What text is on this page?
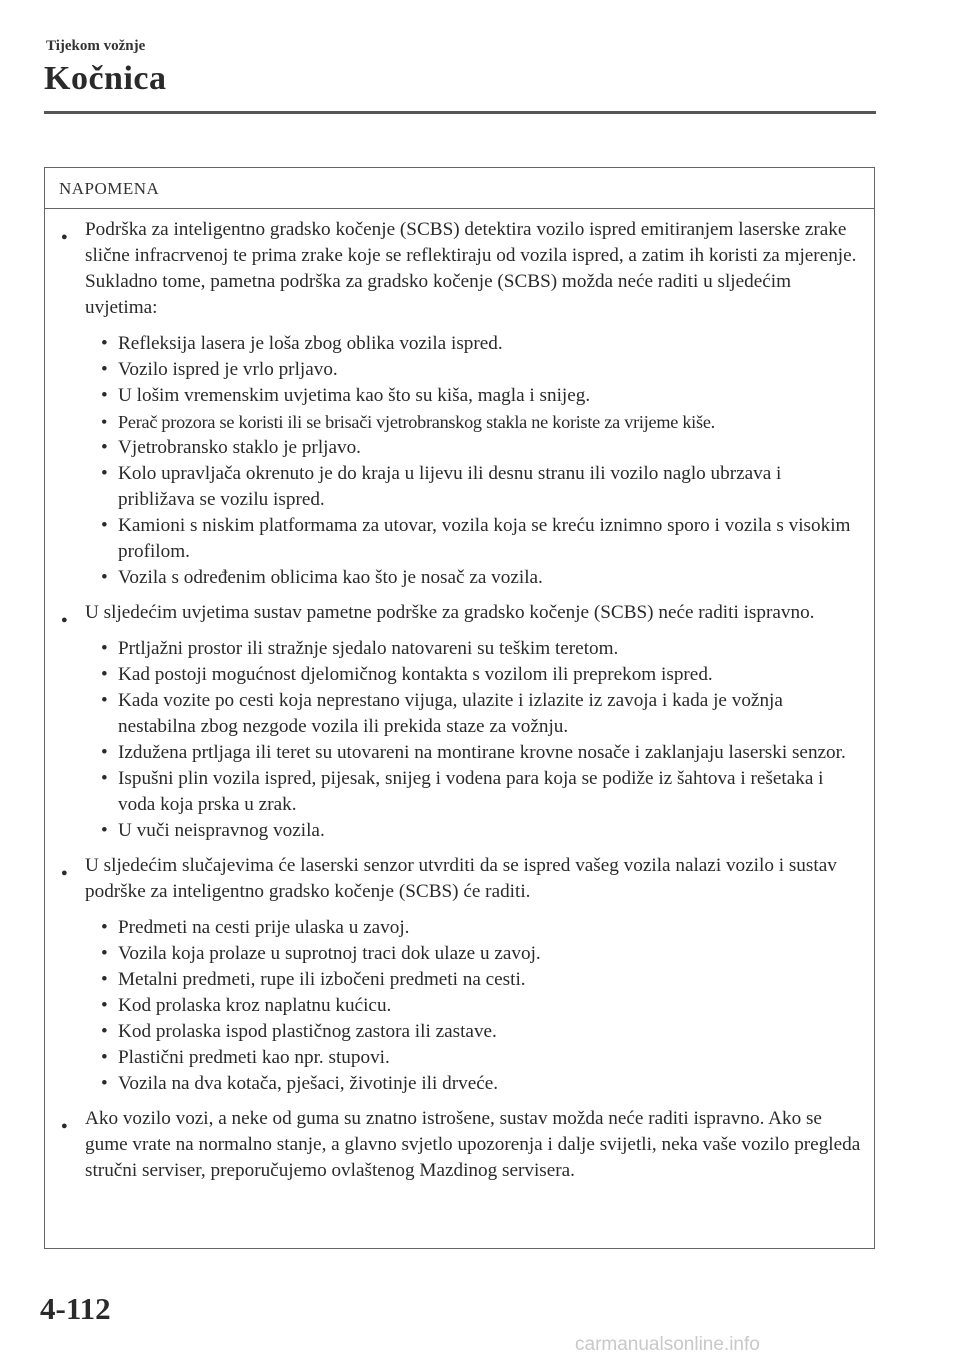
Tijekom vožnje
Kočnica
NAPOMENA
● Podrška za inteligentno gradsko kočenje (SCBS) detektira vozilo ispred emitiranjem laserske zrake slične infracrvenoj te prima zrake koje se reflektiraju od vozila ispred, a zatim ih koristi za mjerenje. Sukladno tome, pametna podrška za gradsko kočenje (SCBS) možda neće raditi u sljedećim uvjetima:
• Refleksija lasera je loša zbog oblika vozila ispred.
• Vozilo ispred je vrlo prljavo.
• U lošim vremenskim uvjetima kao što su kiša, magla i snijeg.
• Perač prozora se koristi ili se brisači vjetrobranskog stakla ne koriste za vrijeme kiše.
• Vjetrobransko staklo je prljavo.
• Kolo upravljača okrenuto je do kraja u lijevu ili desnu stranu ili vozilo naglo ubrzava i približava se vozilu ispred.
• Kamioni s niskim platformama za utovar, vozila koja se kreću iznimno sporo i vozila s visokim profilom.
• Vozila s određenim oblicima kao što je nosač za vozila.
● U sljedećim uvjetima sustav pametne podrške za gradsko kočenje (SCBS) neće raditi ispravno.
• Prtljažni prostor ili stražnje sjedalo natovareni su teškim teretom.
• Kad postoji mogućnost djelomičnog kontakta s vozilom ili preprekom ispred.
• Kada vozite po cesti koja neprestano vijuga, ulazite i izlazite iz zavoja i kada je vožnja nestabilna zbog nezgode vozila ili prekida staze za vožnju.
• Izdužena prtljaga ili teret su utovareni na montirane krovne nosače i zaklanjaju laserski senzor.
• Ispušni plin vozila ispred, pijesak, snijeg i vodena para koja se podiže iz šahtova i rešetaka i voda koja prska u zrak.
• U vuči neispravnog vozila.
● U sljedećim slučajevima će laserski senzor utvrditi da se ispred vašeg vozila nalazi vozilo i sustav podrške za inteligentno gradsko kočenje (SCBS) će raditi.
• Predmeti na cesti prije ulaska u zavoj.
• Vozila koja prolaze u suprotnoj traci dok ulaze u zavoj.
• Metalni predmeti, rupe ili izbočeni predmeti na cesti.
• Kod prolaska kroz naplatnu kućicu.
• Kod prolaska ispod plastičnog zastora ili zastave.
• Plastični predmeti kao npr. stupovi.
• Vozila na dva kotača, pješaci, životinje ili drveće.
● Ako vozilo vozi, a neke od guma su znatno istrošene, sustav možda neće raditi ispravno. Ako se gume vrate na normalno stanje, a glavno svjetlo upozorenja i dalje svijetli, neka vaše vozilo pregleda stručni serviser, preporučujemo ovlaštenog Mazdinog servisera.
4-112
carmanualsonline.info
